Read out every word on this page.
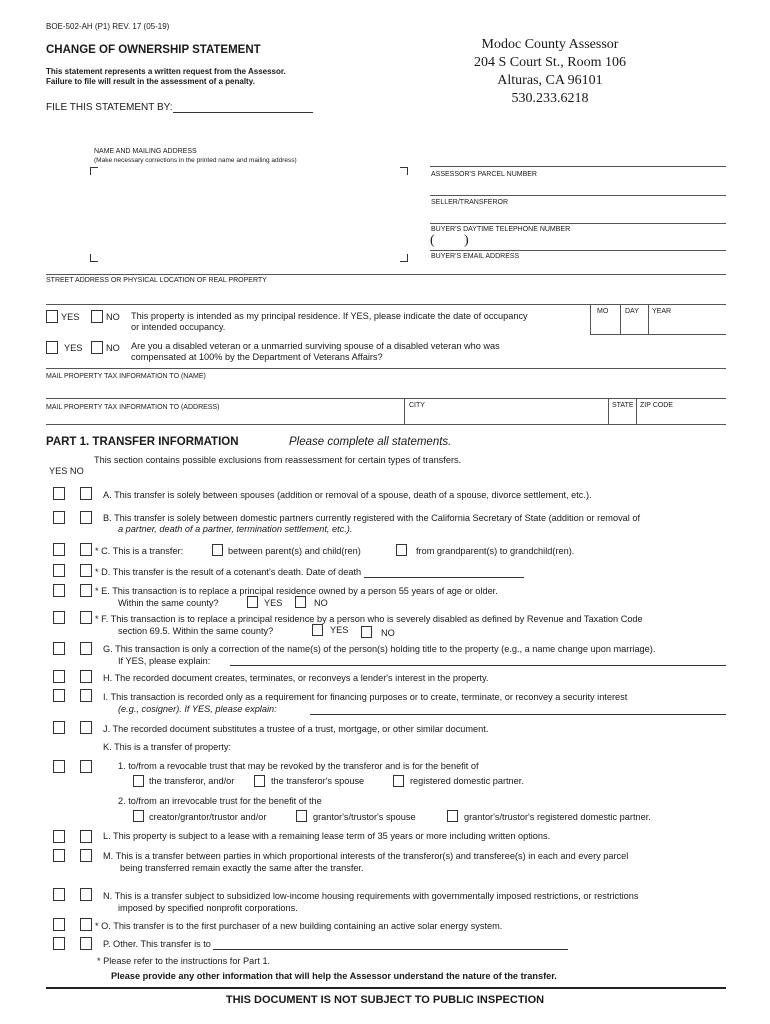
BOE-502-AH (P1) REV. 17 (05-19)
CHANGE OF OWNERSHIP STATEMENT
This statement represents a written request from the Assessor.
Failure to file will result in the assessment of a penalty.
FILE THIS STATEMENT BY:
Modoc County Assessor
204 S Court St., Room 106
Alturas, CA 96101
530.233.6218
NAME AND MAILING ADDRESS
(Make necessary corrections in the printed name and mailing address)
ASSESSOR'S PARCEL NUMBER
SELLER/TRANSFEROR
BUYER'S DAYTIME TELEPHONE NUMBER
( )
BUYER'S EMAIL ADDRESS
STREET ADDRESS OR PHYSICAL LOCATION OF REAL PROPERTY
YES	NO This property is intended as my principal residence. If YES, please indicate the date of occupancy
or intended occupancy.
MO DAY YEAR
YES	NO Are you a disabled veteran or a unmarried surviving spouse of a disabled veteran who was
compensated at 100% by the Department of Veterans Affairs?
MAIL PROPERTY TAX INFORMATION TO (NAME)
MAIL PROPERTY TAX INFORMATION TO (ADDRESS)	CITY	STATE ZIP CODE
PART 1. TRANSFER INFORMATION	Please complete all statements.
This section contains possible exclusions from reassessment for certain types of transfers.
YES NO
A. This transfer is solely between spouses (addition or removal of a spouse, death of a spouse, divorce settlement, etc.).
B. This transfer is solely between domestic partners currently registered with the California Secretary of State (addition or removal of
a partner, death of a partner, termination settlement, etc.).
* C. This is a transfer:	between parent(s) and child(ren)	from grandparent(s) to grandchild(ren).
* D. This transfer is the result of a cotenant's death. Date of death
* E. This transaction is to replace a principal residence owned by a person 55 years of age or older.
Within the same county?	YES	NO
* F. This transaction is to replace a principal residence by a person who is severely disabled as defined by Revenue and Taxation Code
section 69.5. Within the same county?	YES	NO
G. This transaction is only a correction of the name(s) of the person(s) holding title to the property (e.g., a name change upon marriage).
If YES, please explain:
H. The recorded document creates, terminates, or reconveys a lender's interest in the property.
I. This transaction is recorded only as a requirement for financing purposes or to create, terminate, or reconvey a security interest
(e.g., cosigner). If YES, please explain:
J. The recorded document substitutes a trustee of a trust, mortgage, or other similar document.
K. This is a transfer of property:
1. to/from a revocable trust that may be revoked by the transferor and is for the benefit of
the transferor, and/or	the transferor's spouse	registered domestic partner.
2. to/from an irrevocable trust for the benefit of the
creator/grantor/trustor and/or	grantor's/trustor's spouse	grantor's/trustor's registered domestic partner.
L. This property is subject to a lease with a remaining lease term of 35 years or more including written options.
M. This is a transfer between parties in which proportional interests of the transferor(s) and transferee(s) in each and every parcel
being transferred remain exactly the same after the transfer.
N. This is a transfer subject to subsidized low-income housing requirements with governmentally imposed restrictions, or restrictions
imposed by specified nonprofit corporations.
* O. This transfer is to the first purchaser of a new building containing an active solar energy system.
P. Other. This transfer is to
* Please refer to the instructions for Part 1.
Please provide any other information that will help the Assessor understand the nature of the transfer.
THIS DOCUMENT IS NOT SUBJECT TO PUBLIC INSPECTION
